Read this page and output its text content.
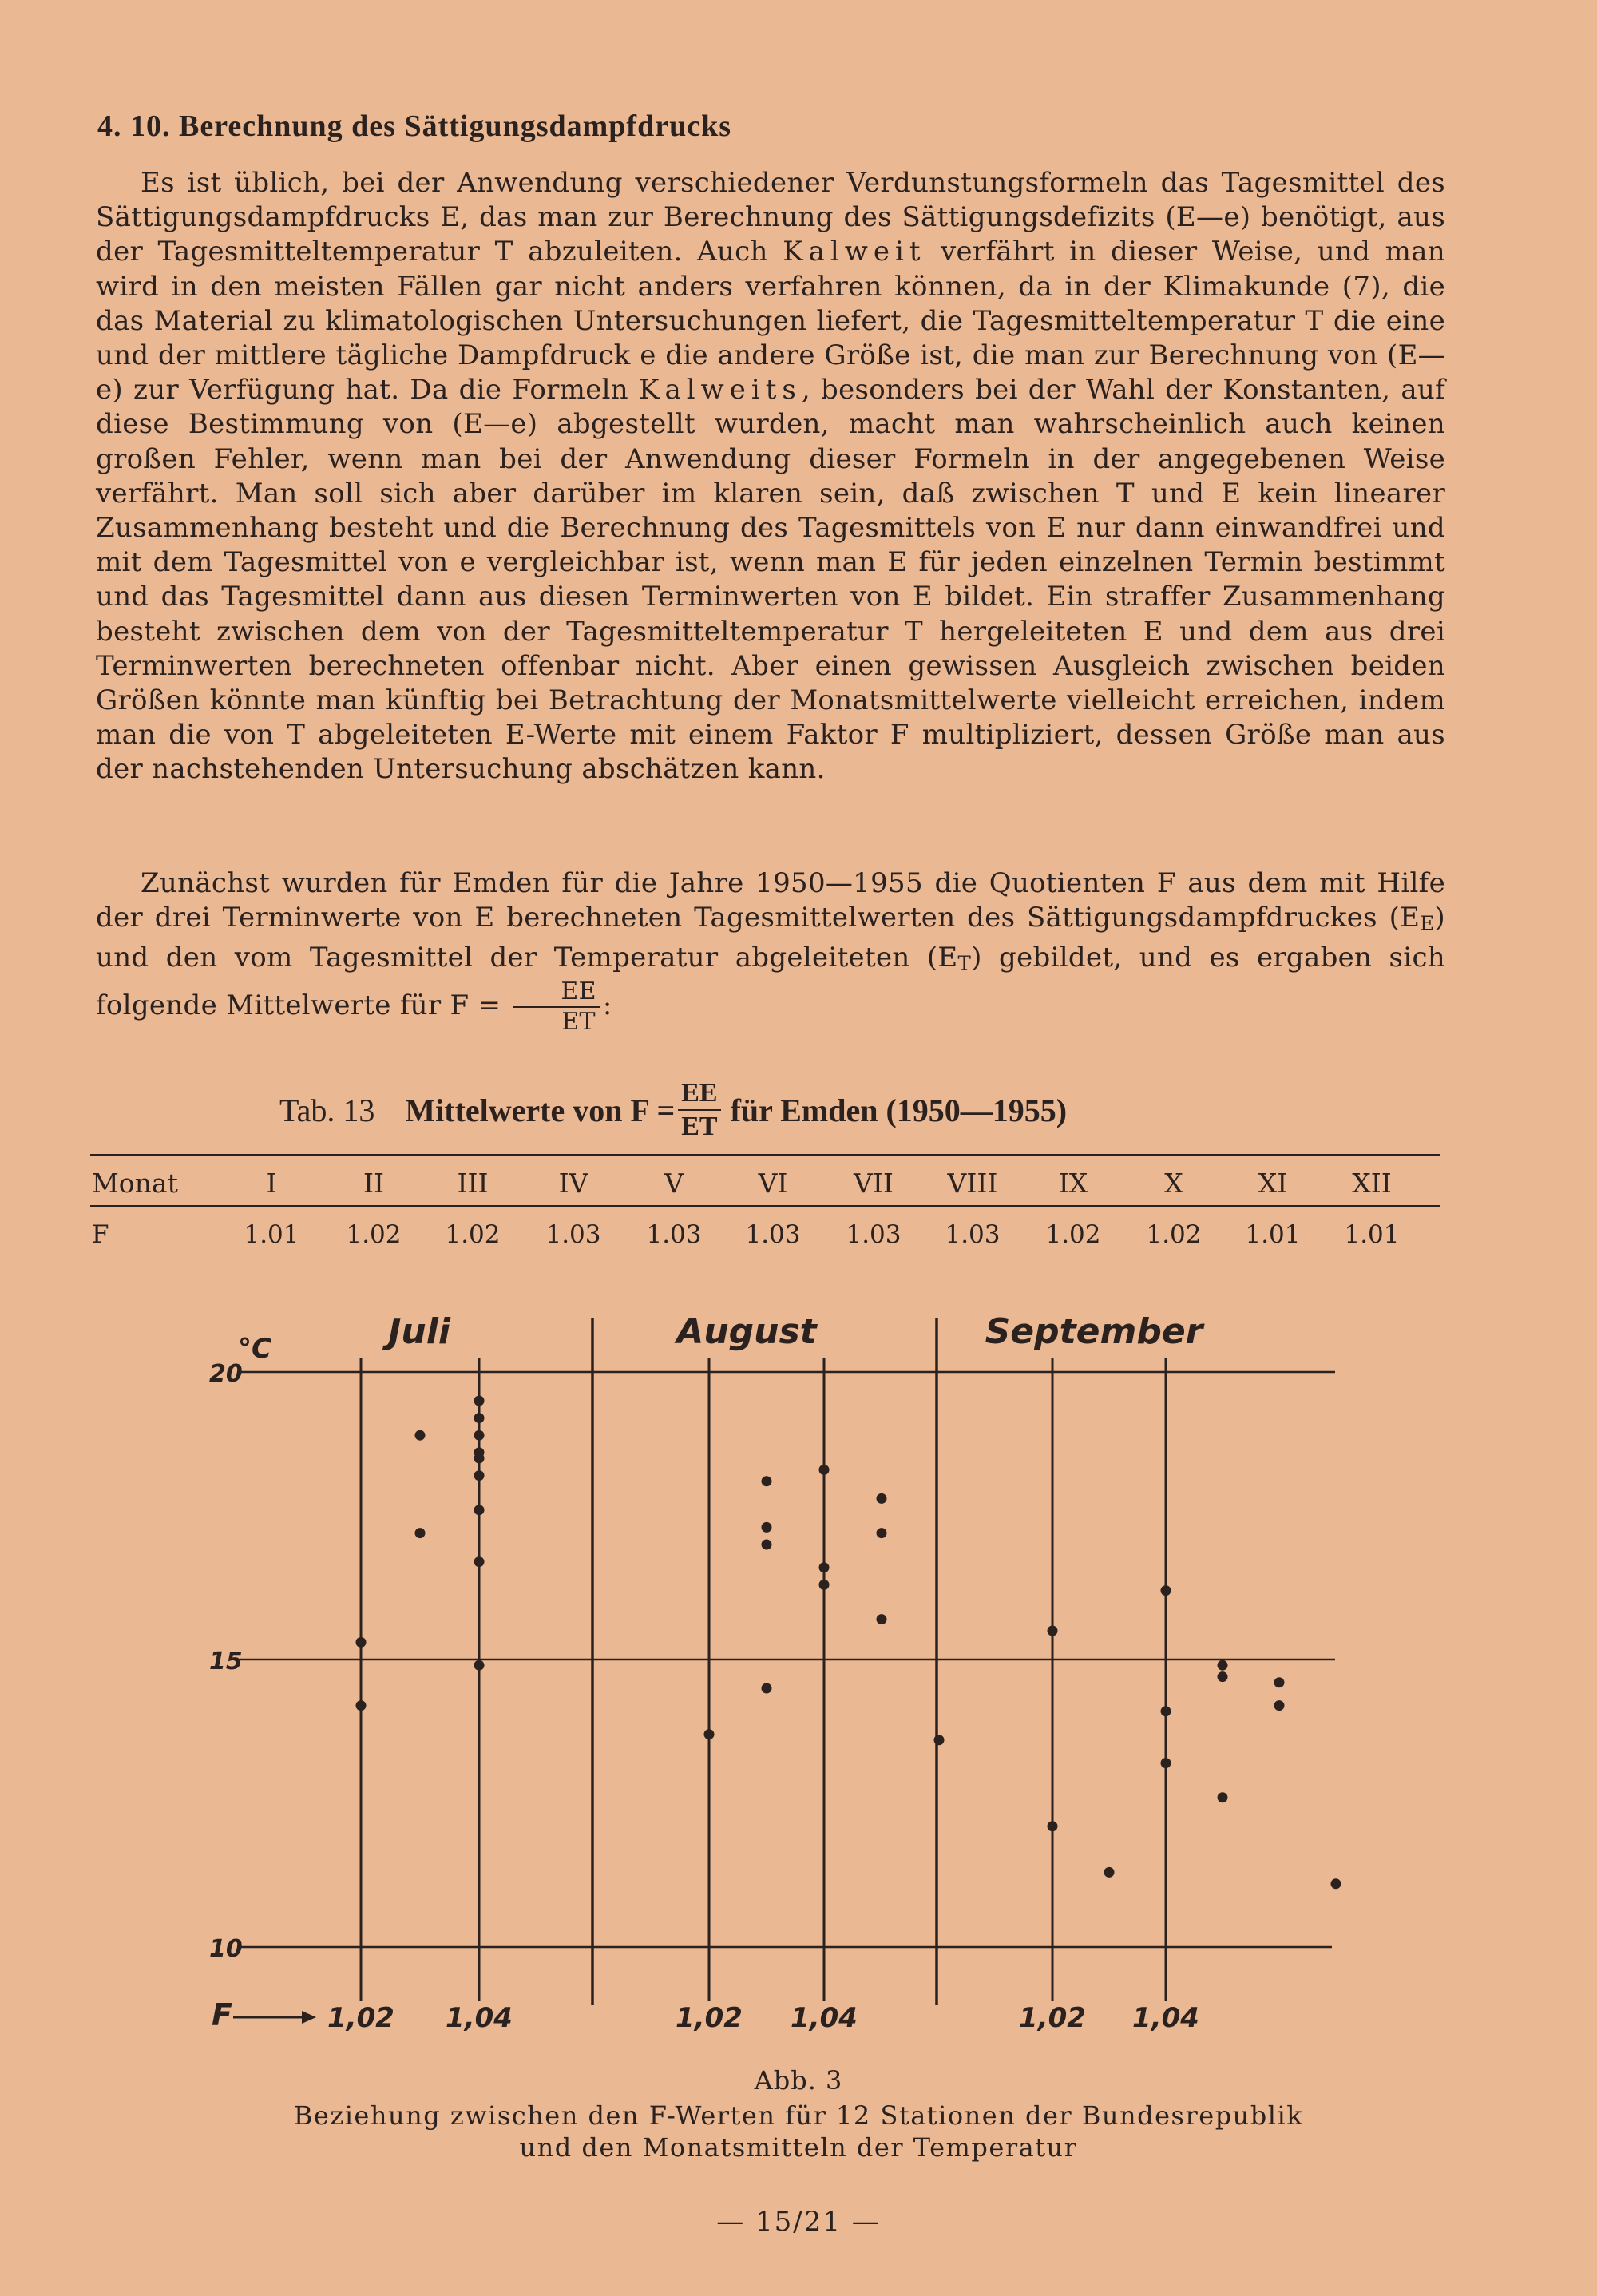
4. 10. Berechnung des Sättigungsdampfdrucks

Es ist üblich, bei der Anwendung verschiedener Verdunstungsformeln das Tagesmittel des Sättigungsdampfdrucks E, das man zur Berechnung des Sättigungsdefizits (E—e) benötigt, aus der Tagesmitteltemperatur T abzuleiten. Auch Kalweit verfährt in dieser Weise, und man wird in den meisten Fällen gar nicht anders verfahren können, da in der Klimakunde (7), die das Material zu klimatologischen Untersuchungen liefert, die Tagesmitteltemperatur T die eine und der mittlere tägliche Dampfdruck e die andere Größe ist, die man zur Berechnung von (E—e) zur Verfügung hat. Da die Formeln Kalweits, besonders bei der Wahl der Konstanten, auf diese Bestimmung von (E—e) abgestellt wurden, macht man wahrscheinlich auch keinen großen Fehler, wenn man bei der Anwendung dieser Formeln in der angegebenen Weise verfährt. Man soll sich aber darüber im klaren sein, daß zwischen T und E kein linearer Zusammenhang besteht und die Berechnung des Tagesmittels von E nur dann einwandfrei und mit dem Tagesmittel von e vergleichbar ist, wenn man E für jeden einzelnen Termin bestimmt und das Tagesmittel dann aus diesen Terminwerten von E bildet. Ein straffer Zusammenhang besteht zwischen dem von der Tagesmitteltemperatur T hergeleiteten E und dem aus drei Terminwerten berechneten offenbar nicht. Aber einen gewissen Ausgleich zwischen beiden Größen könnte man künftig bei Betrachtung der Monatsmittelwerte vielleicht erreichen, indem man die von T abgeleiteten E-Werte mit einem Faktor F multipliziert, dessen Größe man aus der nachstehenden Untersuchung abschätzen kann.

Zunächst wurden für Emden für die Jahre 1950—1955 die Quotienten F aus dem mit Hilfe der drei Terminwerte von E berechneten Tagesmittelwerten des Sättigungsdampfdruckes (EE) und den vom Tagesmittel der Temperatur abgeleiteten (ET) gebildet, und es ergaben sich folgende Mittelwerte für $F = \frac{EE}{ET}$ :

Tab. 13 Mittelwerte von $F = \frac{EE}{ET}$ für Emden (1950—1955)
Monat	I	II	III	IV	V	VI	VII	VIII	IX	X	XI	XII
F	1.01	1.02	1.02	1.03	1.03	1.03	1.03	1.03	1.02	1.02	1.01	1.01
Juli	August	September
°C
20
15
10
F	1,02 1,04	1,02 1,04	1,02 1,04
Abb. 3
Beziehung zwischen den F-Werten für 12 Stationen der Bundesrepublik
und den Monatsmitteln der Temperatur
— 15/21 —
